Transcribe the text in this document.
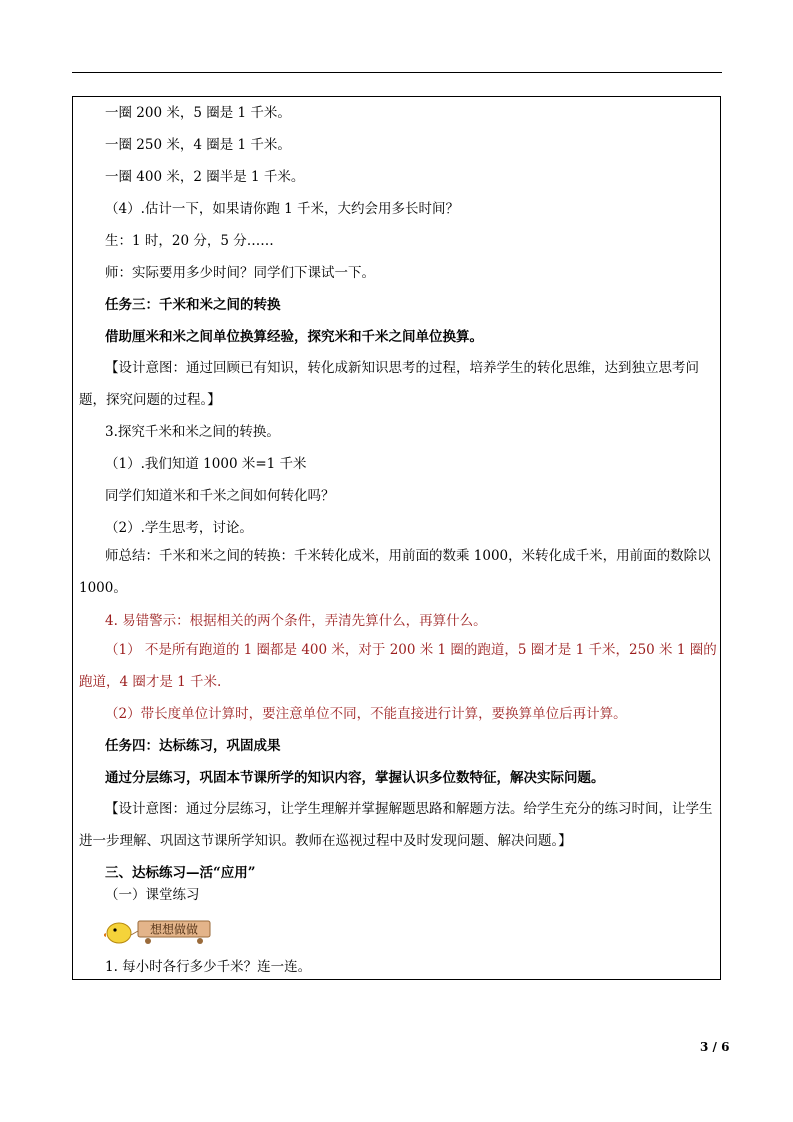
一圈 200 米，5 圈是 1 千米。
一圈 250 米，4 圈是 1 千米。
一圈 400 米，2 圈半是 1 千米。
（4）.估计一下，如果请你跑 1 千米，大约会用多长时间？
生：1 时，20 分，5 分……
师：实际要用多少时间？同学们下课试一下。
任务三：千米和米之间的转换
借助厘米和米之间单位换算经验，探究米和千米之间单位换算。
【设计意图：通过回顾已有知识，转化成新知识思考的过程，培养学生的转化思维，达到独立思考问题，探究问题的过程。】
3.探究千米和米之间的转换。
（1）.我们知道 1000 米=1 千米
同学们知道米和千米之间如何转化吗？
（2）.学生思考，讨论。
师总结：千米和米之间的转换：千米转化成米，用前面的数乘 1000，米转化成千米，用前面的数除以 1000。
4. 易错警示：根据相关的两个条件，弄清先算什么，再算什么。
（1） 不是所有跑道的 1 圈都是 400 米，对于 200 米 1 圈的跑道，5 圈才是 1 千米，250 米 1 圈的跑道，4 圈才是 1 千米.
（2）带长度单位计算时，要注意单位不同，不能直接进行计算，要换算单位后再计算。
任务四：达标练习，巩固成果
通过分层练习，巩固本节课所学的知识内容，掌握认识多位数特征，解决实际问题。
【设计意图：通过分层练习，让学生理解并掌握解题思路和解题方法。给学生充分的练习时间，让学生进一步理解、巩固这节课所学知识。教师在巡视过程中及时发现问题、解决问题。】
三、达标练习—活“应用”
（一）课堂练习
想想做做
1. 每小时各行多少千米？连一连。
3 / 6
